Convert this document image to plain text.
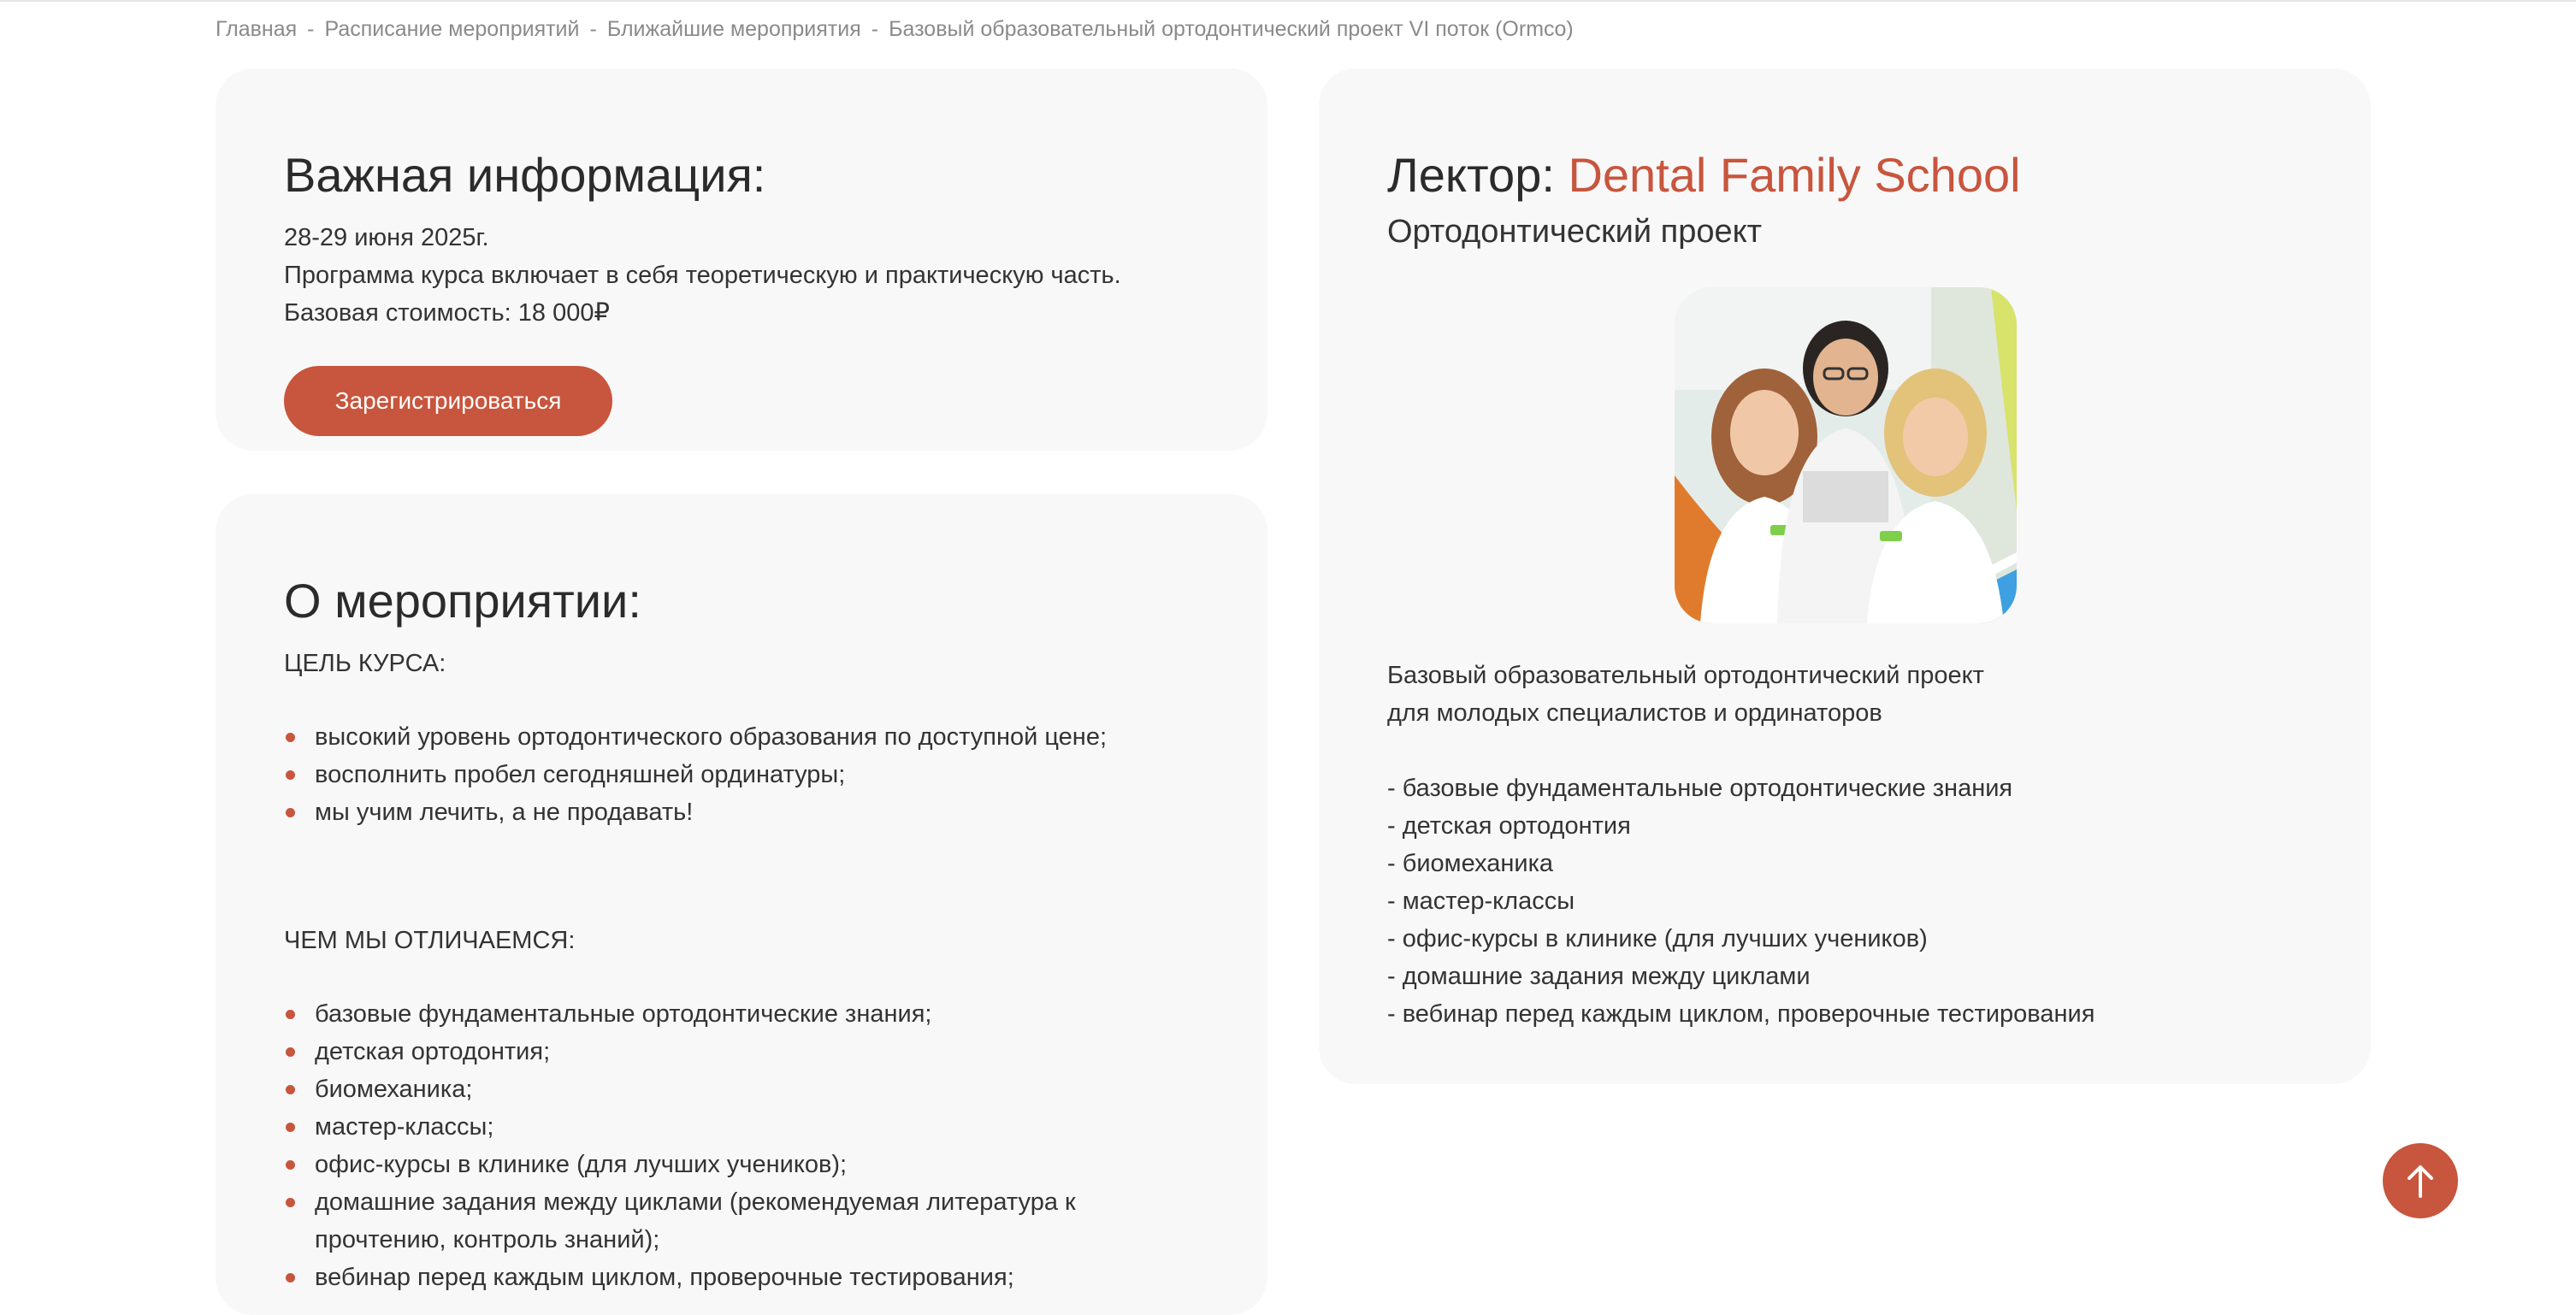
Главная - Расписание мероприятий - Ближайшие мероприятия - Базовый образовательный ортодонтический проект VI поток (Ormco)
Важная информация:
28-29 июня 2025г.
Программа курса включает в себя теоретическую и практическую часть.
Базовая стоимость: 18 000₽
Зарегистрироваться
О мероприятии:
ЦЕЛЬ КУРСА:
высокий уровень ортодонтического образования по доступной цене;
восполнить пробел сегодняшней ординатуры;
мы учим лечить, а не продавать!
ЧЕМ МЫ ОТЛИЧАЕМСЯ:
базовые фундаментальные ортодонтические знания;
детская ортодонтия;
биомеханика;
мастер-классы;
офис-курсы в клинике (для лучших учеников);
домашние задания между циклами (рекомендуемая литература к прочтению, контроль знаний);
вебинар перед каждым циклом, проверочные тестирования;
Лектор: Dental Family School
Ортодонтический проект
Базовый образовательный ортодонтический проект
для молодых специалистов и ординаторов

- базовые фундаментальные ортодонтические знания
- детская ортодонтия
- биомеханика
- мастер-классы
- офис-курсы в клинике (для лучших учеников)
- домашние задания между циклами
- вебинар перед каждым циклом, проверочные тестирования
